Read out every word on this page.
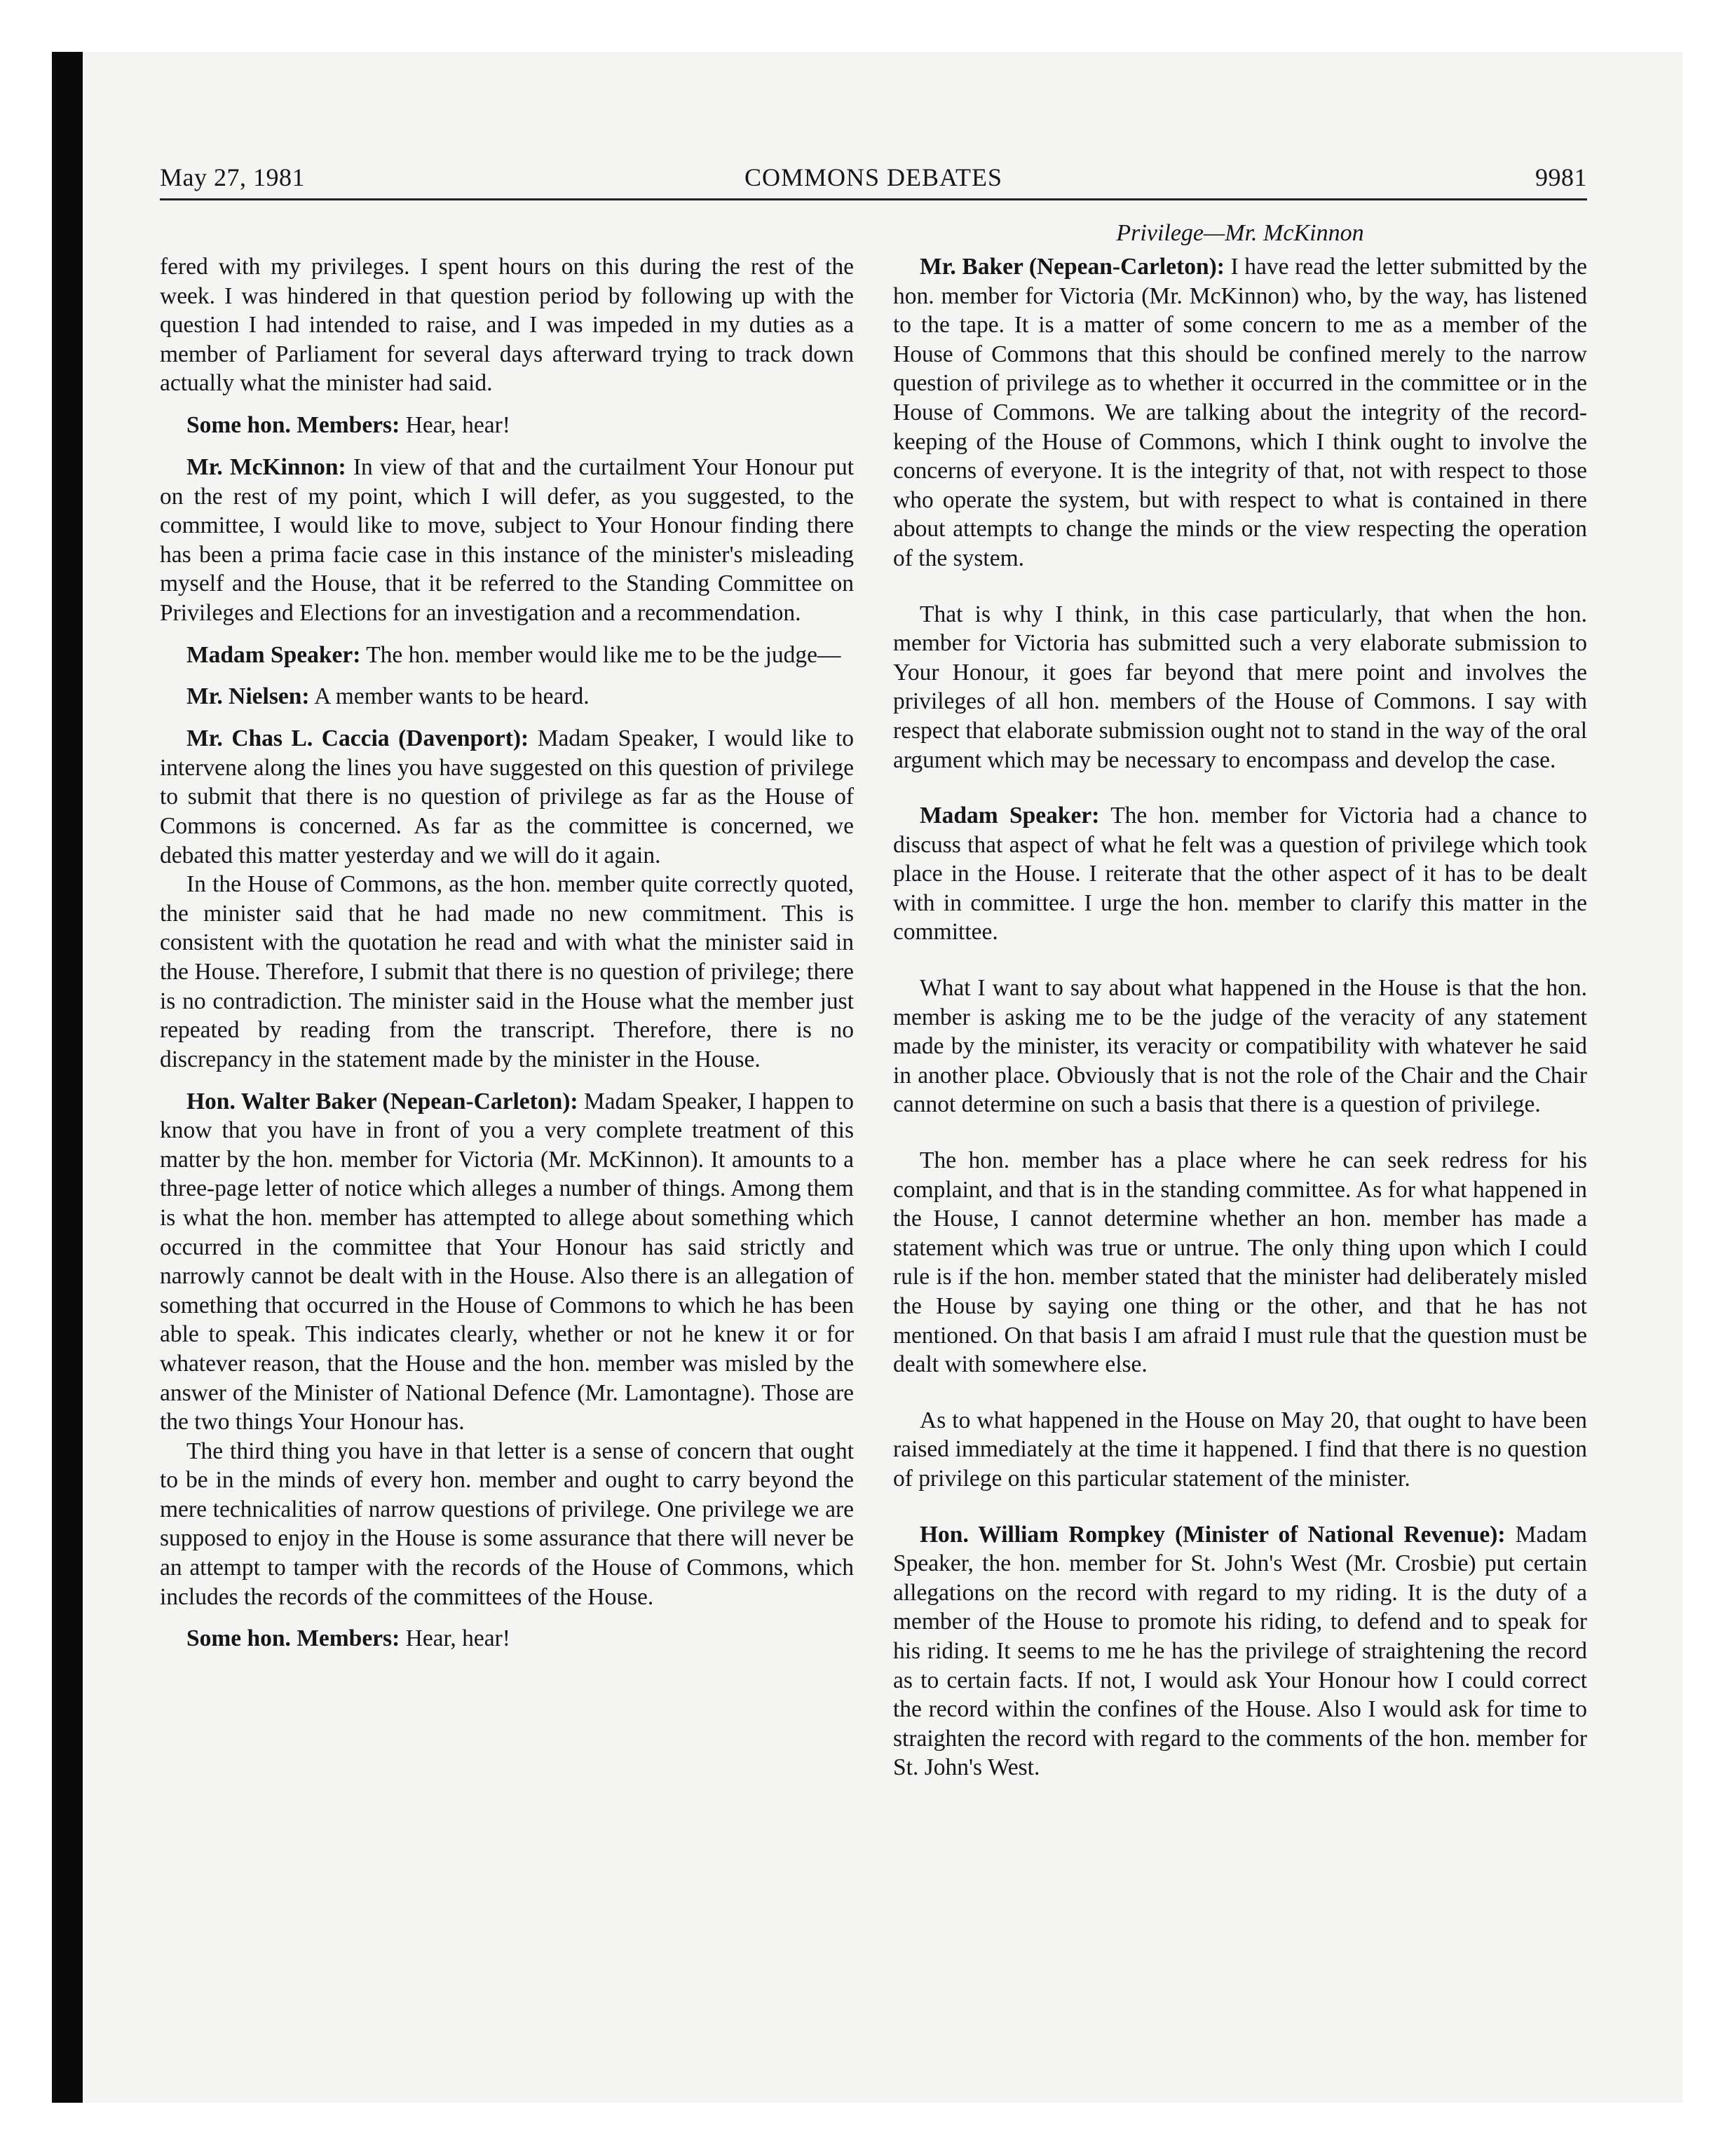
May 27, 1981	COMMONS DEBATES	9981
Privilege—Mr. McKinnon

fered with my privileges. I spent hours on this during the rest of the week. I was hindered in that question period by following up with the question I had intended to raise, and I was impeded in my duties as a member of Parliament for several days afterward trying to track down actually what the minister had said.

Some hon. Members: Hear, hear!

Mr. McKinnon: In view of that and the curtailment Your Honour put on the rest of my point, which I will defer, as you suggested, to the committee, I would like to move, subject to Your Honour finding there has been a prima facie case in this instance of the minister's misleading myself and the House, that it be referred to the Standing Committee on Privileges and Elections for an investigation and a recommendation.

Madam Speaker: The hon. member would like me to be the judge—

Mr. Nielsen: A member wants to be heard.

Mr. Chas L. Caccia (Davenport): Madam Speaker, I would like to intervene along the lines you have suggested on this question of privilege to submit that there is no question of privilege as far as the House of Commons is concerned. As far as the committee is concerned, we debated this matter yesterday and we will do it again.

In the House of Commons, as the hon. member quite correctly quoted, the minister said that he had made no new commitment. This is consistent with the quotation he read and with what the minister said in the House. Therefore, I submit that there is no question of privilege; there is no contradiction. The minister said in the House what the member just repeated by reading from the transcript. Therefore, there is no discrepancy in the statement made by the minister in the House.

Hon. Walter Baker (Nepean-Carleton): Madam Speaker, I happen to know that you have in front of you a very complete treatment of this matter by the hon. member for Victoria (Mr. McKinnon). It amounts to a three-page letter of notice which alleges a number of things. Among them is what the hon. member has attempted to allege about something which occurred in the committee that Your Honour has said strictly and narrowly cannot be dealt with in the House. Also there is an allegation of something that occurred in the House of Commons to which he has been able to speak. This indicates clearly, whether or not he knew it or for whatever reason, that the House and the hon. member was misled by the answer of the Minister of National Defence (Mr. Lamontagne). Those are the two things Your Honour has.

The third thing you have in that letter is a sense of concern that ought to be in the minds of every hon. member and ought to carry beyond the mere technicalities of narrow questions of privilege. One privilege we are supposed to enjoy in the House is some assurance that there will never be an attempt to tamper with the records of the House of Commons, which includes the records of the committees of the House.

Some hon. Members: Hear, hear!

Mr. Baker (Nepean-Carleton): I have read the letter submitted by the hon. member for Victoria (Mr. McKinnon) who, by the way, has listened to the tape. It is a matter of some concern to me as a member of the House of Commons that this should be confined merely to the narrow question of privilege as to whether it occurred in the committee or in the House of Commons. We are talking about the integrity of the record-keeping of the House of Commons, which I think ought to involve the concerns of everyone. It is the integrity of that, not with respect to those who operate the system, but with respect to what is contained in there about attempts to change the minds or the view respecting the operation of the system.

That is why I think, in this case particularly, that when the hon. member for Victoria has submitted such a very elaborate submission to Your Honour, it goes far beyond that mere point and involves the privileges of all hon. members of the House of Commons. I say with respect that elaborate submission ought not to stand in the way of the oral argument which may be necessary to encompass and develop the case.

Madam Speaker: The hon. member for Victoria had a chance to discuss that aspect of what he felt was a question of privilege which took place in the House. I reiterate that the other aspect of it has to be dealt with in committee. I urge the hon. member to clarify this matter in the committee.

What I want to say about what happened in the House is that the hon. member is asking me to be the judge of the veracity of any statement made by the minister, its veracity or compatibility with whatever he said in another place. Obviously that is not the role of the Chair and the Chair cannot determine on such a basis that there is a question of privilege.

The hon. member has a place where he can seek redress for his complaint, and that is in the standing committee. As for what happened in the House, I cannot determine whether an hon. member has made a statement which was true or untrue. The only thing upon which I could rule is if the hon. member stated that the minister had deliberately misled the House by saying one thing or the other, and that he has not mentioned. On that basis I am afraid I must rule that the question must be dealt with somewhere else.

As to what happened in the House on May 20, that ought to have been raised immediately at the time it happened. I find that there is no question of privilege on this particular statement of the minister.

Hon. William Rompkey (Minister of National Revenue): Madam Speaker, the hon. member for St. John's West (Mr. Crosbie) put certain allegations on the record with regard to my riding. It is the duty of a member of the House to promote his riding, to defend and to speak for his riding. It seems to me he has the privilege of straightening the record as to certain facts. If not, I would ask Your Honour how I could correct the record within the confines of the House. Also I would ask for time to straighten the record with regard to the comments of the hon. member for St. John's West.
